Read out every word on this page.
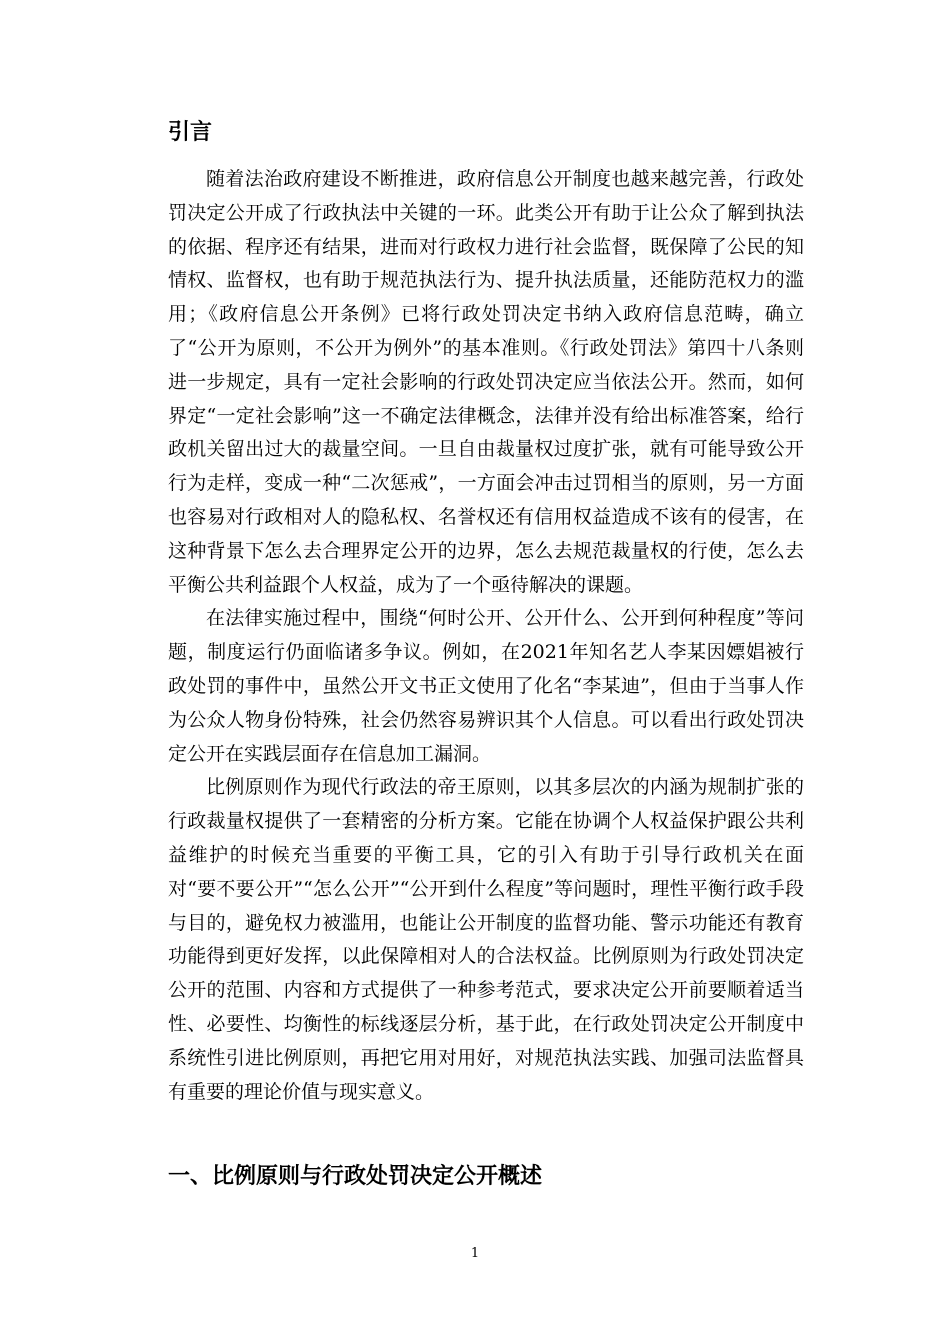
引言

随着法治政府建设不断推进，政府信息公开制度也越来越完善，行政处罚决定公开成了行政执法中关键的一环。此类公开有助于让公众了解到执法的依据、程序还有结果，进而对行政权力进行社会监督，既保障了公民的知情权、监督权，也有助于规范执法行为、提升执法质量，还能防范权力的滥用；《政府信息公开条例》已将行政处罚决定书纳入政府信息范畴，确立了“公开为原则，不公开为例外”的基本准则。《行政处罚法》第四十八条则进一步规定，具有一定社会影响的行政处罚决定应当依法公开。然而，如何界定“一定社会影响”这一不确定法律概念，法律并没有给出标准答案，给行政机关留出过大的裁量空间。一旦自由裁量权过度扩张，就有可能导致公开行为走样，变成一种“二次惩戒”，一方面会冲击过罚相当的原则，另一方面也容易对行政相对人的隐私权、名誉权还有信用权益造成不该有的侵害，在这种背景下怎么去合理界定公开的边界，怎么去规范裁量权的行使，怎么去平衡公共利益跟个人权益，成为了一个亟待解决的课题。

在法律实施过程中，围绕“何时公开、公开什么、公开到何种程度”等问题，制度运行仍面临诸多争议。例如，在2021年知名艺人李某因嫖娼被行政处罚的事件中，虽然公开文书正文使用了化名“李某迪”，但由于当事人作为公众人物身份特殊，社会仍然容易辨识其个人信息。可以看出行政处罚决定公开在实践层面存在信息加工漏洞。

比例原则作为现代行政法的帝王原则，以其多层次的内涵为规制扩张的行政裁量权提供了一套精密的分析方案。它能在协调个人权益保护跟公共利益维护的时候充当重要的平衡工具，它的引入有助于引导行政机关在面对“要不要公开”“怎么公开”“公开到什么程度”等问题时，理性平衡行政手段与目的，避免权力被滥用，也能让公开制度的监督功能、警示功能还有教育功能得到更好发挥，以此保障相对人的合法权益。比例原则为行政处罚决定公开的范围、内容和方式提供了一种参考范式，要求决定公开前要顺着适当性、必要性、均衡性的标线逐层分析，基于此，在行政处罚决定公开制度中系统性引进比例原则，再把它用对用好，对规范执法实践、加强司法监督具有重要的理论价值与现实意义。

一、比例原则与行政处罚决定公开概述
1
